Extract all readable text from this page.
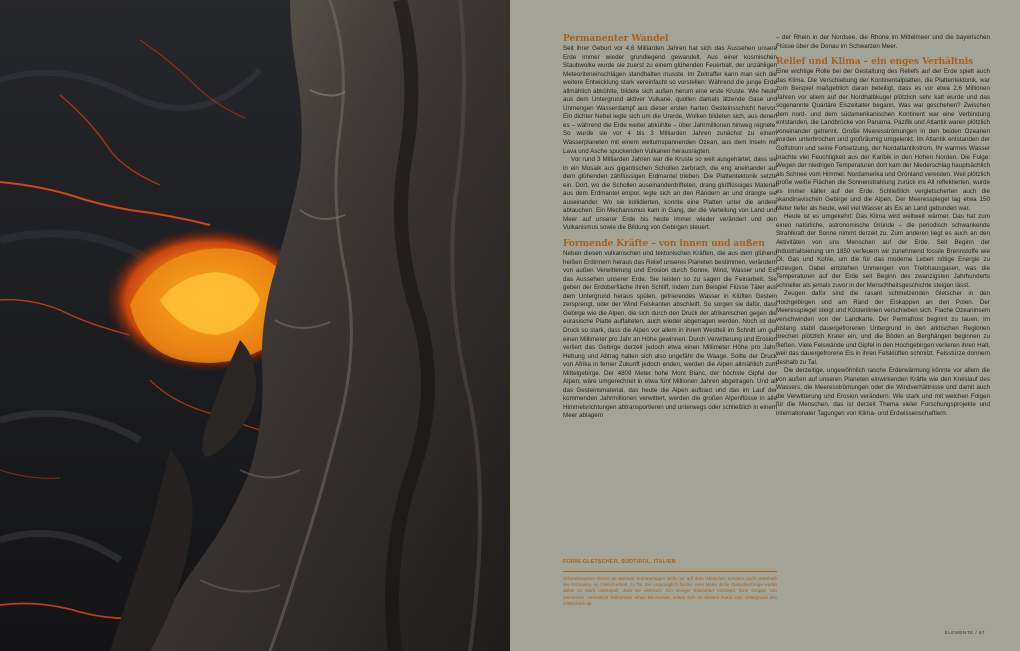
Permanenter Wandel

Seit ihrer Geburt vor 4,6 Milliarden Jahren hat sich das Aussehen unsere Erde immer wieder grundlegend gewandelt. Aus einer kosmischen Staubwolke wurde sie zuerst zu einem glühenden Feuerball, der unzähligen Meteoriteneinschlägen standhalten musste. Im Zeitraffer kann man sich die weitere Entwicklung stark vereinfacht so vorstellen: Während die junge Erde allmählich abkühlte, bildete sich außen herum eine erste Kruste. Wie heute aus dem Untergrund aktiver Vulkane, quollen damals ätzende Gase und Unmengen Wasserdampf aus dieser ersten harten Gesteinsschicht hervor. Ein dichter Nebel legte sich um die Urerde, Wolken bildeten sich, aus denen es – während die Erde weiter abkühlte – über Jahrmillionen hinweg regnete. So wurde sie vor 4 bis 3 Milliarden Jahren zunächst zu einem Wasserplaneten mit einem weltumspannenden Ozean, aus dem Inseln mit Lava und Asche spuckenden Vulkanen herausragten.

Vor rund 3 Milliarden Jahren war die Kruste so weit ausgehärtet, dass sie in ein Mosaik aus gigantischen Schollen zerbrach, die eng aneinander auf dem glühenden zähflüssigen Erdmantel trieben. Die Plattentektonik setzte ein. Dort, wo die Schollen auseinanderdrifteten, drang glutflüssiges Material aus dem Erdmantel empor, legte sich an den Rändern an und drängte sie auseinander. Wo sie kollidierten, konnte eine Platten unter die andere abtauchen. Ein Mechanismus kam in Gang, der die Verteilung von Land und Meer auf unserer Erde bis heute immer wieder verändert und den Vulkanismus sowie die Bildung von Gebirgen steuert.

Formende Kräfte – von innen und außen

Neben diesen vulkanischen und tektonischen Kräften, die aus dem glühend heißen Erdinnern heraus das Relief unseres Planeten bestimmen, verändern von außen Verwitterung und Erosion durch Sonne, Wind, Wasser und Eis das Aussehen unserer Erde. Sie leisten so zu sagen die Feinarbeit. Sie geben der Erdoberfläche ihren Schliff, indem zum Beispiel Flüsse Täler aus dem Untergrund heraus spülen, gefrierendes Wasser in Klüften Gestein zersprengt, oder der Wind Felskanten abschleift. So sorgen sie dafür, dass Gebirge wie die Alpen, die sich durch den Druck der afrikanischen gegen die eurasische Platte auffalteten, auch wieder abgetragen werden. Noch ist der Druck so stark, dass die Alpen vor allem in ihrem Westteil im Schnitt um gut einen Millimeter pro Jahr an Höhe gewinnen. Durch Verwitterung und Erosion verliert das Gebirge derzeit jedoch etwa einen Millimeter Höhe pro Jahr. Hebung und Abtrag halten sich also ungefähr die Waage. Sollte der Druck von Afrika in ferner Zukunft jedoch enden, werden die Alpen allmählich zum Mittelgebirge. Der 4809 Meter hohe Mont Blanc, der höchste Gipfel der Alpen, wäre umgerechnet in etwa fünf Millionen Jahren abgetragen. Und all das Gesteinsmaterial, das heute die Alpen aufbaut und das im Lauf der kommenden Jahrmillionen verwittert, werden die großen Alpenflüsse in alle Himmelsrichtungen abtransportieren und unterwegs oder schließlich in einem Meer ablagern

– der Rhein in der Nordsee, die Rhone im Mittelmeer und die bayerischen Flüsse über die Donau im Schwarzen Meer.

Relief und Klima – ein enges Verhältnis

Eine wichtige Rolle bei der Gestaltung des Reliefs auf der Erde spielt auch das Klima. Die Verschiebung der Kontinentalplatten, die Plattentektonik, war zum Beispiel maßgeblich daran beteiligt, dass es vor etwa 2,6 Millionen Jahren vor allem auf der Nordhalbkugel plötzlich sehr kalt wurde und das sogenannte Quartäre Eiszeitalter begann. Was war geschehen? Zwischen dem nord- und dem südamerikanischen Kontinent war eine Verbindung entstanden, die Landbrücke von Panama. Pazifik und Atlantik waren plötzlich voneinander getrennt. Große Meeresströmungen in den beiden Ozeanen wurden unterbrochen und großräumig umgelenkt. Im Atlantik entstanden der Golfstrom und seine Fortsetzung, der Nordatlantikstrom. Ihr warmes Wasser brachte viel Feuchtigkeit aus der Karibik in den Hohen Norden. Die Folge: Wegen der niedrigen Temperaturen dort kam der Niederschlag hauptsächlich als Schnee vom Himmel. Nordamerika und Grönland vereisten. Weil plötzlich große weiße Flächen die Sonnenstrahlung zurück ins All reflektierten, wurde es immer kälter auf der Erde. Schließlich vergletscherten auch die skandinavischen Gebirge und die Alpen. Der Meeresspiegel lag etwa 150 Meter tiefer als heute, weil viel Wasser als Eis an Land gebunden war.

Heute ist es umgekehrt: Das Klima wird weltweit wärmer. Das hat zum einen natürliche, astronomische Gründe – die periodisch schwankende Strahlkraft der Sonne nimmt derzeit zu. Zum anderen liegt es auch an den Aktivitäten von uns Menschen auf der Erde. Seit Beginn der Industrialisierung um 1850 verfeuern wir zunehmend fossile Brennstoffe wie Öl, Gas und Kohle, um die für das moderne Leben nötige Energie zu erzeugen. Dabei entstehen Unmengen von Treibhausgasen, was die Temperaturen auf der Erde seit Beginn des zwanzigsten Jahrhunderts schneller als jemals zuvor in der Menschheitsgeschichte steigen lässt.

Zeugen dafür sind die rasant schmelzenden Gletscher in den Hochgebirgen und am Rand der Eiskappen an den Polen. Der Meeresspiegel steigt und Küstenlinien verschieben sich. Flache Ozeaninseln verschwinden von der Landkarte. Der Permafrost beginnt zu tauen. Im bislang stabil dauergefrorenen Untergrund in den arktischen Regionen brechen plötzlich Krater ein, und die Böden an Berghängen beginnen zu fließen. Viele Felswände und Gipfel in den Hochgebirgen verlieren ihren Halt, weil das dauergefrorene Eis in ihren Felsklüften schmilzt. Felsstürze donnern deshalb zu Tal.

Die derzeitige, ungewöhnlich rasche Erderwärmung könnte vor allem die von außen auf unseren Planeten einwirkenden Kräfte wie den Kreislauf des Wassers, die Meeresströmungen oder die Windverhältnisse und damit auch die Verwitterung und Erosion verändern. Wie stark und mit welchen Folgen für die Menschen, das ist derzeit Thema vieler Forschungsprojekte und internationaler Tagungen von Klima- und Erdwissenschaftlern.

FORNI-GLETSCHER, SÜDTIROL, ITALIEN
Schmelzwasser strömt an warmen Sommertagen nicht nur auf dem Gletscher, sondern auch unterhalb der Eismasse, im Gletscherbett, zu Tal. Die ursprünglich flache, viele Meter dicke Gletscherzunge wurde dabei so stark unterspült, dass sie einbrach. Ein riesiger Eistrichter entstand. Eine Gruppe von Menschen, vermutlich Teilnehmer eines Eis-Kurses, sehen sich an dessen Rand vom Untergrund des Gletschers ab.
ELEMENTE / 67
